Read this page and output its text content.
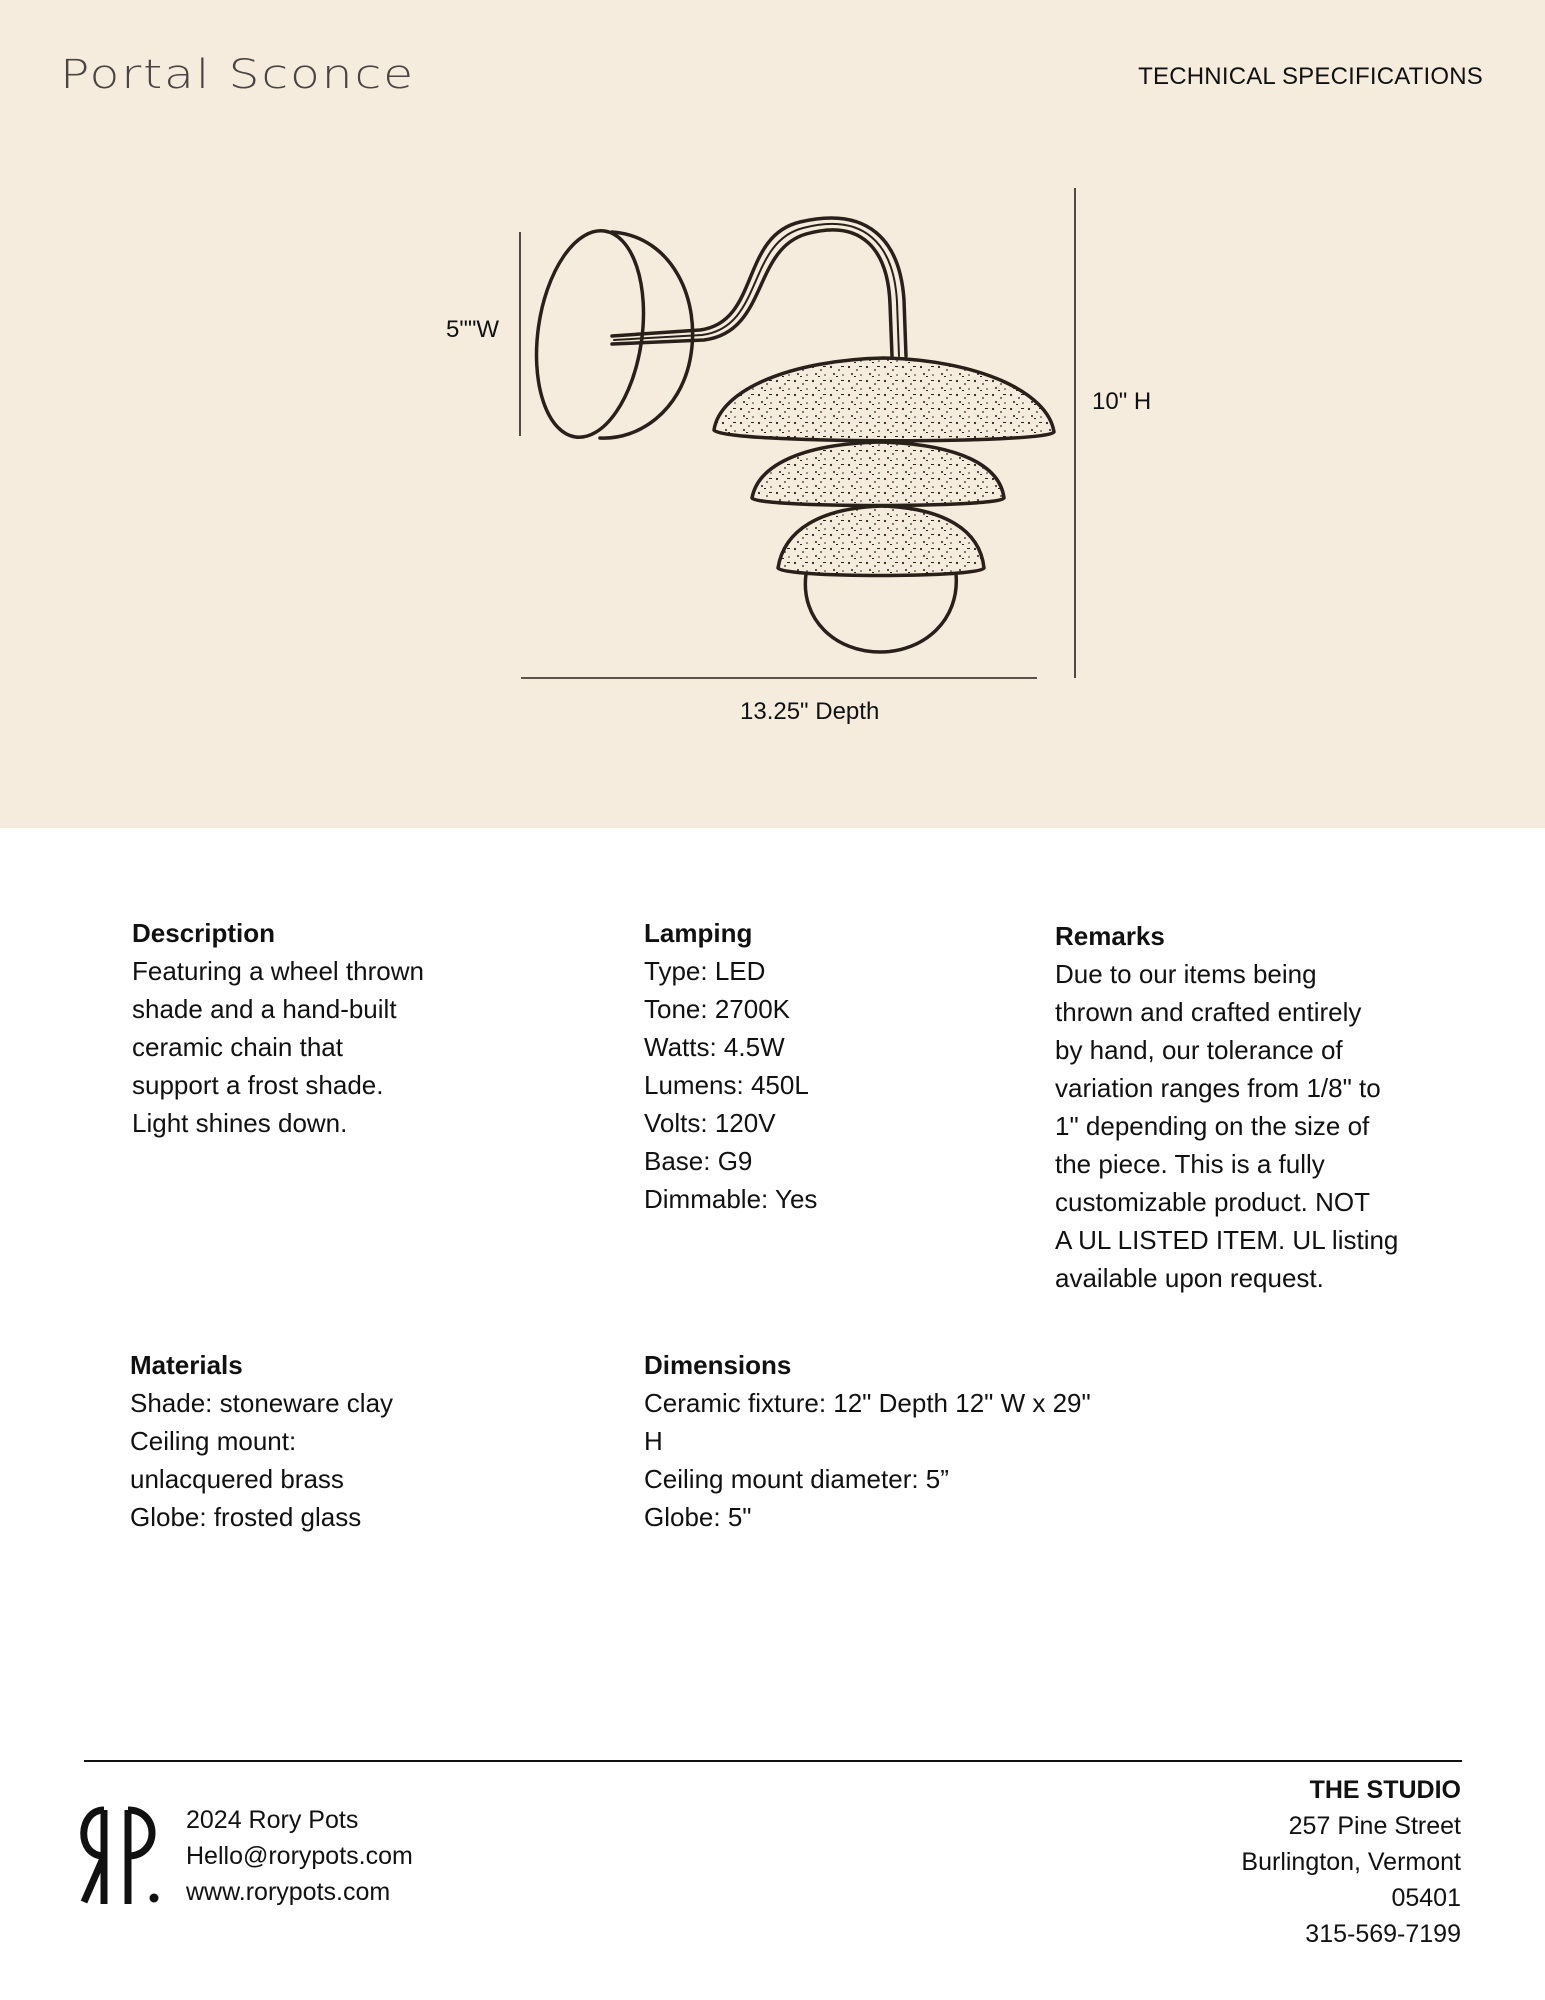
Portal Sconce	TECHNICAL SPECIFICATIONS
5""W
10" H
13.25" Depth
Description
Featuring a wheel thrown
shade and a hand-built
ceramic chain that
support a frost shade.
Light shines down.
Lamping
Type: LED
Tone: 2700K
Watts: 4.5W
Lumens: 450L
Volts: 120V
Base: G9
Dimmable: Yes
Remarks
Due to our items being
thrown and crafted entirely
by hand, our tolerance of
variation ranges from 1/8" to
1" depending on the size of
the piece. This is a fully
customizable product. NOT
A UL LISTED ITEM. UL listing
available upon request.
Materials
Shade: stoneware clay
Ceiling mount:
unlacquered brass
Globe: frosted glass
Dimensions
Ceramic fixture: 12" Depth 12" W x 29"
H
Ceiling mount diameter: 5”
Globe: 5"
2024 Rory Pots
Hello@rorypots.com
www.rorypots.com
THE STUDIO
257 Pine Street
Burlington, Vermont
05401
315-569-7199
